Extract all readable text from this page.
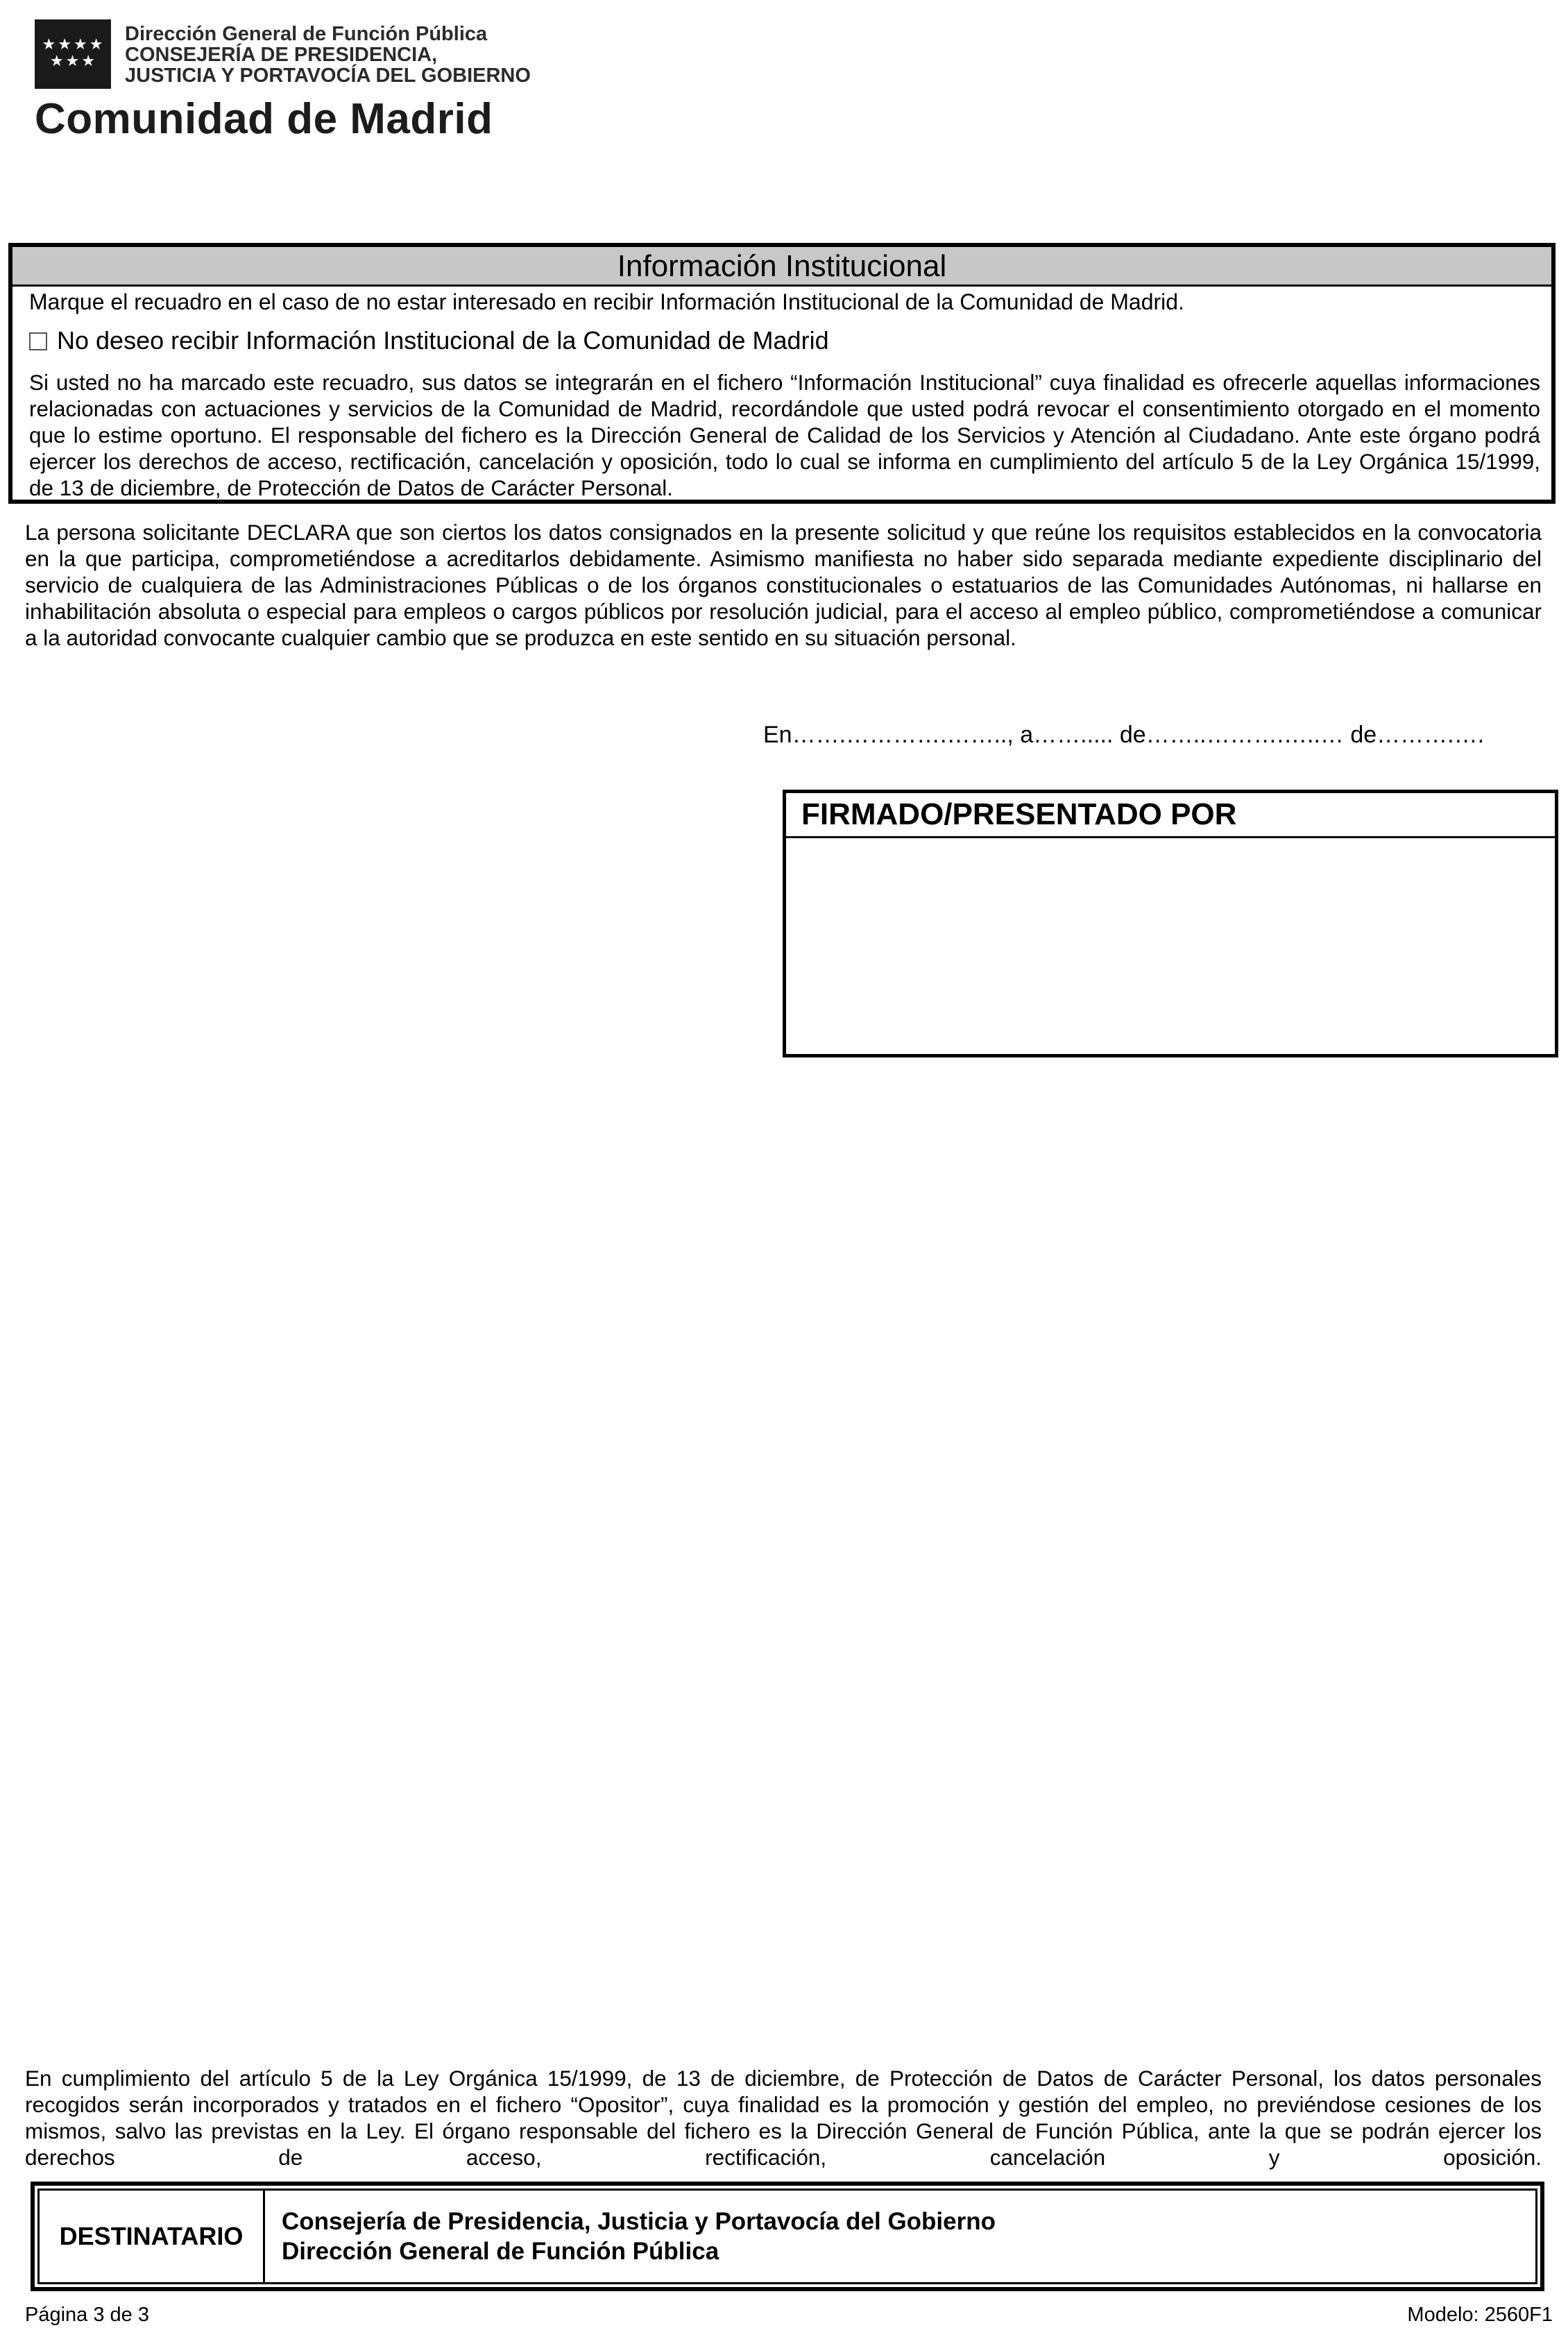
★★★★
★★★
Dirección General de Función Pública
CONSEJERÍA DE PRESIDENCIA,
JUSTICIA Y PORTAVOCÍA DEL GOBIERNO
Comunidad de Madrid
Información Institucional
Marque el recuadro en el caso de no estar interesado en recibir Información Institucional de la Comunidad de Madrid.
No deseo recibir Información Institucional de la Comunidad de Madrid
Si usted no ha marcado este recuadro, sus datos se integrarán en el fichero “Información Institucional” cuya finalidad es ofrecerle aquellas informaciones relacionadas con actuaciones y servicios de la Comunidad de Madrid, recordándole que usted podrá revocar el consentimiento otorgado en el momento que lo estime oportuno. El responsable del fichero es la Dirección General de Calidad de los Servicios y Atención al Ciudadano. Ante este órgano podrá ejercer los derechos de acceso, rectificación, cancelación y oposición, todo lo cual se informa en cumplimiento del artículo 5 de la Ley Orgánica 15/1999, de 13 de diciembre, de Protección de Datos de Carácter Personal.
La persona solicitante DECLARA que son ciertos los datos consignados en la presente solicitud y que reúne los requisitos establecidos en la convocatoria en la que participa, comprometiéndose a acreditarlos debidamente. Asimismo manifiesta no haber sido separada mediante expediente disciplinario del servicio de cualquiera de las Administraciones Públicas o de los órganos constitucionales o estatuarios de las Comunidades Autónomas, ni hallarse en inhabilitación absoluta o especial para empleos o cargos públicos por resolución judicial, para el acceso al empleo público, comprometiéndose a comunicar a la autoridad convocante cualquier cambio que se produzca en este sentido en su situación personal.
En…….………….…….., a……..... de……..……….…..… de……….….
FIRMADO/PRESENTADO POR
En cumplimiento del artículo 5 de la Ley Orgánica 15/1999, de 13 de diciembre, de Protección de Datos de Carácter Personal, los datos personales recogidos serán incorporados y tratados en el fichero “Opositor”, cuya finalidad es la promoción y gestión del empleo, no previéndose cesiones de los mismos, salvo las previstas en la Ley. El órgano responsable del fichero es la Dirección General de Función Pública, ante la que se podrán ejercer los derechos de acceso, rectificación, cancelación y oposición.
DESTINATARIO
Consejería de Presidencia, Justicia y Portavocía del Gobierno
Dirección General de Función Pública
Página 3 de 3	Modelo: 2560F1
